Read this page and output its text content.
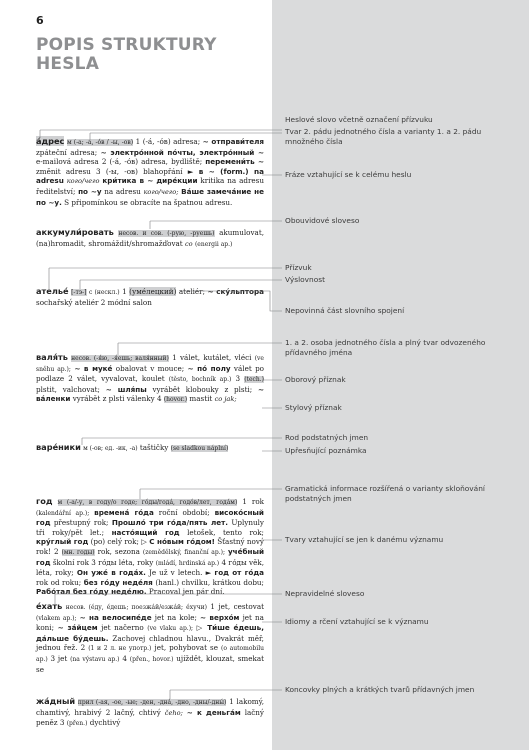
6
POPIS STRUKTURY
HESLA
а́дрес м (-а; -а, -о́в / -ы, -ов) 1 (-а́, -о́в) adresa; ~ отправи́теля zpáteční adresa; ~ электро́нной по́чты, электро́нный ~ e-mailová adresa 2 (-а́, -о́в) adresa, bydliště; перемени́ть ~ změnit adresu 3 (-ы, -ов) blahopřání ► в ~ (form.) na adresu кого/чего кри́тика в ~ дире́кции kritika na adresu ředitelství; по ~у na adresu кого/чего; Ва́ше замеча́ние не по ~у. S připomínkou se obracíte na špatnou adresu.
аккумули́ровать несов. и сов. (-рую, -руешь) akumulovat, (na)hromadit, shromáždit/shromažďovat co (energii ap.)
ателье́ [-тэ-] с (нескл.) 1 (уме́лецкий) ateliér; ~ ску́льптора sochařský ateliér 2 módní salon
валя́ть несов. (-я́ю, -я́ешь; валя́нный) 1 válet, kutálet, vléci (ve sněhu ap.); ~ в муке́ obalovat v mouce; ~ по́ полу válet po podlaze 2 válet, vyvalovat, koulet (těsto, bochník ap.) 3 (tech.) plstit, valchovat; ~ шля́пы vyrábět klobouky z plsti; ~ ва́ленки vyrábět z plsti válenky 4 (hovor.) mastit co jak;
варе́ники м (-ов; ед. -ик, -а) taštičky (se sladkou náplní)
год м (-а/-у, в году/о годе; го́ды/года́, годо́в/лет, года́м) 1 rok (kalendářní ap.); времена́ го́да roční období; високо́сный год přestupný rok; Прошло́ три го́да/пять лет. Uplynuly tři roky/pět let.; насто́ящий год letošek, tento rok; кру́глый год (po) celý rok; ▷ С но́вым го́дом! Šťastný nový rok! 2 (мн. годы) rok, sezona (zemědělský, finanční ap.); уче́бный год školní rok 3 го́ды léta, roky (mládí, hrdinská ap.) 4 го́ды věk, léta, roky; Он уже́ в года́х. Je už v letech. ► год от го́да rok od roku; без го́ду неде́ля (hanl.) chvilku, krátkou dobu; Рабо́тал без го́ду неде́лю. Pracoval jen pár dní.
е́хать несов. (е́ду, е́дешь; поезжа́й/езжа́й; е́хучи) 1 jet, cestovat (vlakem ap.); ~ на велосипе́де jet na kole; ~ верхо́м jet na koni; ~ за́йцем jet načerno (ve vlaku ap.); ▷ Ти́ше е́дешь, да́льше бу́дешь. Zachovej chladnou hlavu., Dvakrát měř, jednou řež. 2 (1 и 2 л. не употр.) jet, pohybovat se (o automobilu ap.) 3 jet (na výstavu ap.) 4 (přen., hovor.) ujíždět, klouzat, smekat se
жа́дный прил (-ая, -ое, -ые; -ден, -дна́, -дно, -дны/-дны́) 1 lakomý, chamtivý, hrabivý 2 lačný, chtivý čeho; ~ к деньга́м lačný peněz 3 (přen.) dychtivý
Heslové slovo včetně označení přízvuku
Tvar 2. pádu jednotného čísla a varianty 1. a 2. pádu množného čísla
Fráze vztahující se k celému heslu
Obouvidové sloveso
Přízvuk
Výslovnost
Nepovinná část slovního spojení
1. a 2. osoba jednotného čísla a plný tvar odvozeného přídavného jména
Oborový příznak
Stylový příznak
Rod podstatných jmen
Upřesňující poznámka
Gramatická informace rozšířená o varianty skloňování podstatných jmen
Tvary vztahující se jen k danému významu
Nepravidelné sloveso
Idiomy a rčení vztahující se k významu
Koncovky plných a krátkých tvarů přídavných jmen
